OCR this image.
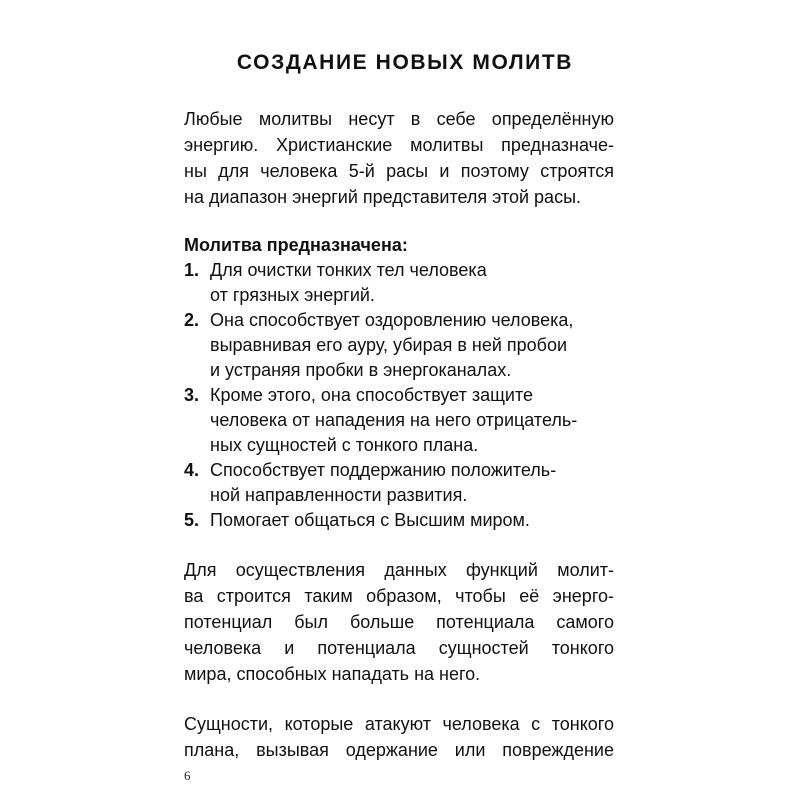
СОЗДАНИЕ НОВЫХ МОЛИТВ

Любые молитвы несут в себе определённую
энергию. Христианские молитвы предназначе-
ны для человека 5-й расы и поэтому строятся
на диапазон энергий представителя этой расы.

Молитва предназначена:
1. Для очистки тонких тел человека
от грязных энергий.
2. Она способствует оздоровлению человека,
выравнивая его ауру, убирая в ней пробои
и устраняя пробки в энергоканалах.
3. Кроме этого, она способствует защите
человека от нападения на него отрицатель-
ных сущностей с тонкого плана.
4. Способствует поддержанию положитель-
ной направленности развития.
5. Помогает общаться с Высшим миром.

Для осуществления данных функций молит-
ва строится таким образом, чтобы её энерго-
потенциал был больше потенциала самого
человека и потенциала сущностей тонкого
мира, способных нападать на него.

Сущности, которые атакуют человека с тонкого
плана, вызывая одержание или повреждение

6
